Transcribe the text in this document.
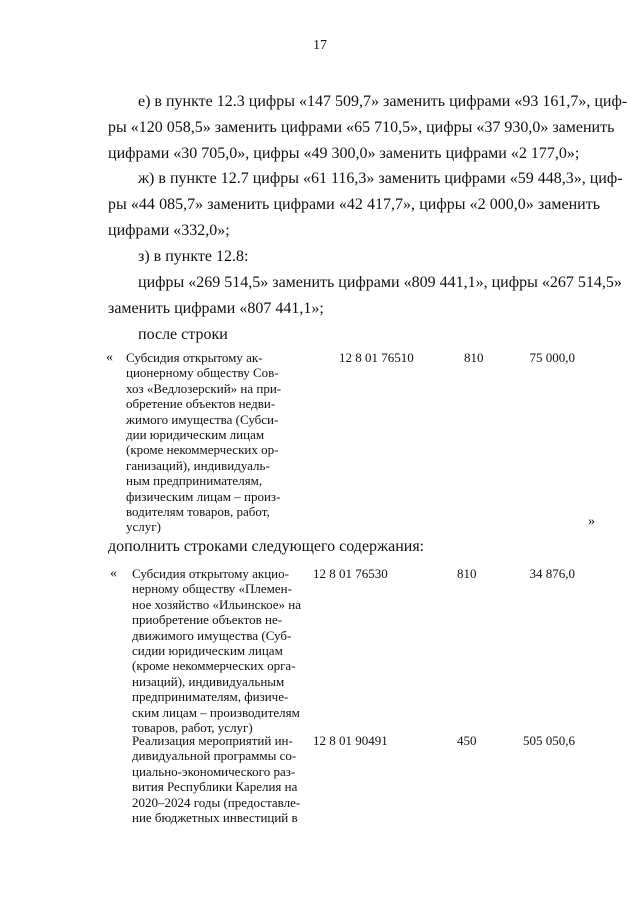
17
е) в пункте 12.3 цифры «147 509,7» заменить цифрами «93 161,7», циф-
ры «120 058,5» заменить цифрами «65 710,5», цифры «37 930,0» заменить
цифрами «30 705,0», цифры «49 300,0» заменить цифрами «2 177,0»;
ж) в пункте 12.7 цифры «61 116,3» заменить цифрами «59 448,3», циф-
ры «44 085,7» заменить цифрами «42 417,7», цифры «2 000,0» заменить
цифрами «332,0»;
з) в пункте 12.8:
цифры «269 514,5» заменить цифрами «809 441,1», цифры «267 514,5»
заменить цифрами «807 441,1»;
после строки
« Субсидия открытому ак-
ционерному обществу Сов-
хоз «Ведлозерский» на при-
обретение объектов недви-
жимого имущества (Субси-
дии юридическим лицам
(кроме некоммерческих ор-
ганизаций), индивидуаль-
ным предпринимателям,
физическим лицам – произ-
водителям товаров, работ,
услуг)
12 8 01 76510	810	75 000,0
»
дополнить строками следующего содержания:
« Субсидия открытому акцио-
нерному обществу «Племен-
ное хозяйство «Ильинское» на
приобретение объектов не-
движимого имущества (Суб-
сидии юридическим лицам
(кроме некоммерческих орга-
низаций), индивидуальным
предпринимателям, физиче-
ским лицам – производителям
товаров, работ, услуг)
12 8 01 76530	810	34 876,0
Реализация мероприятий ин-
дивидуальной программы со-
циально-экономического раз-
вития Республики Карелия на
2020–2024 годы (предоставле-
ние бюджетных инвестиций в
12 8 01 90491	450	505 050,6
